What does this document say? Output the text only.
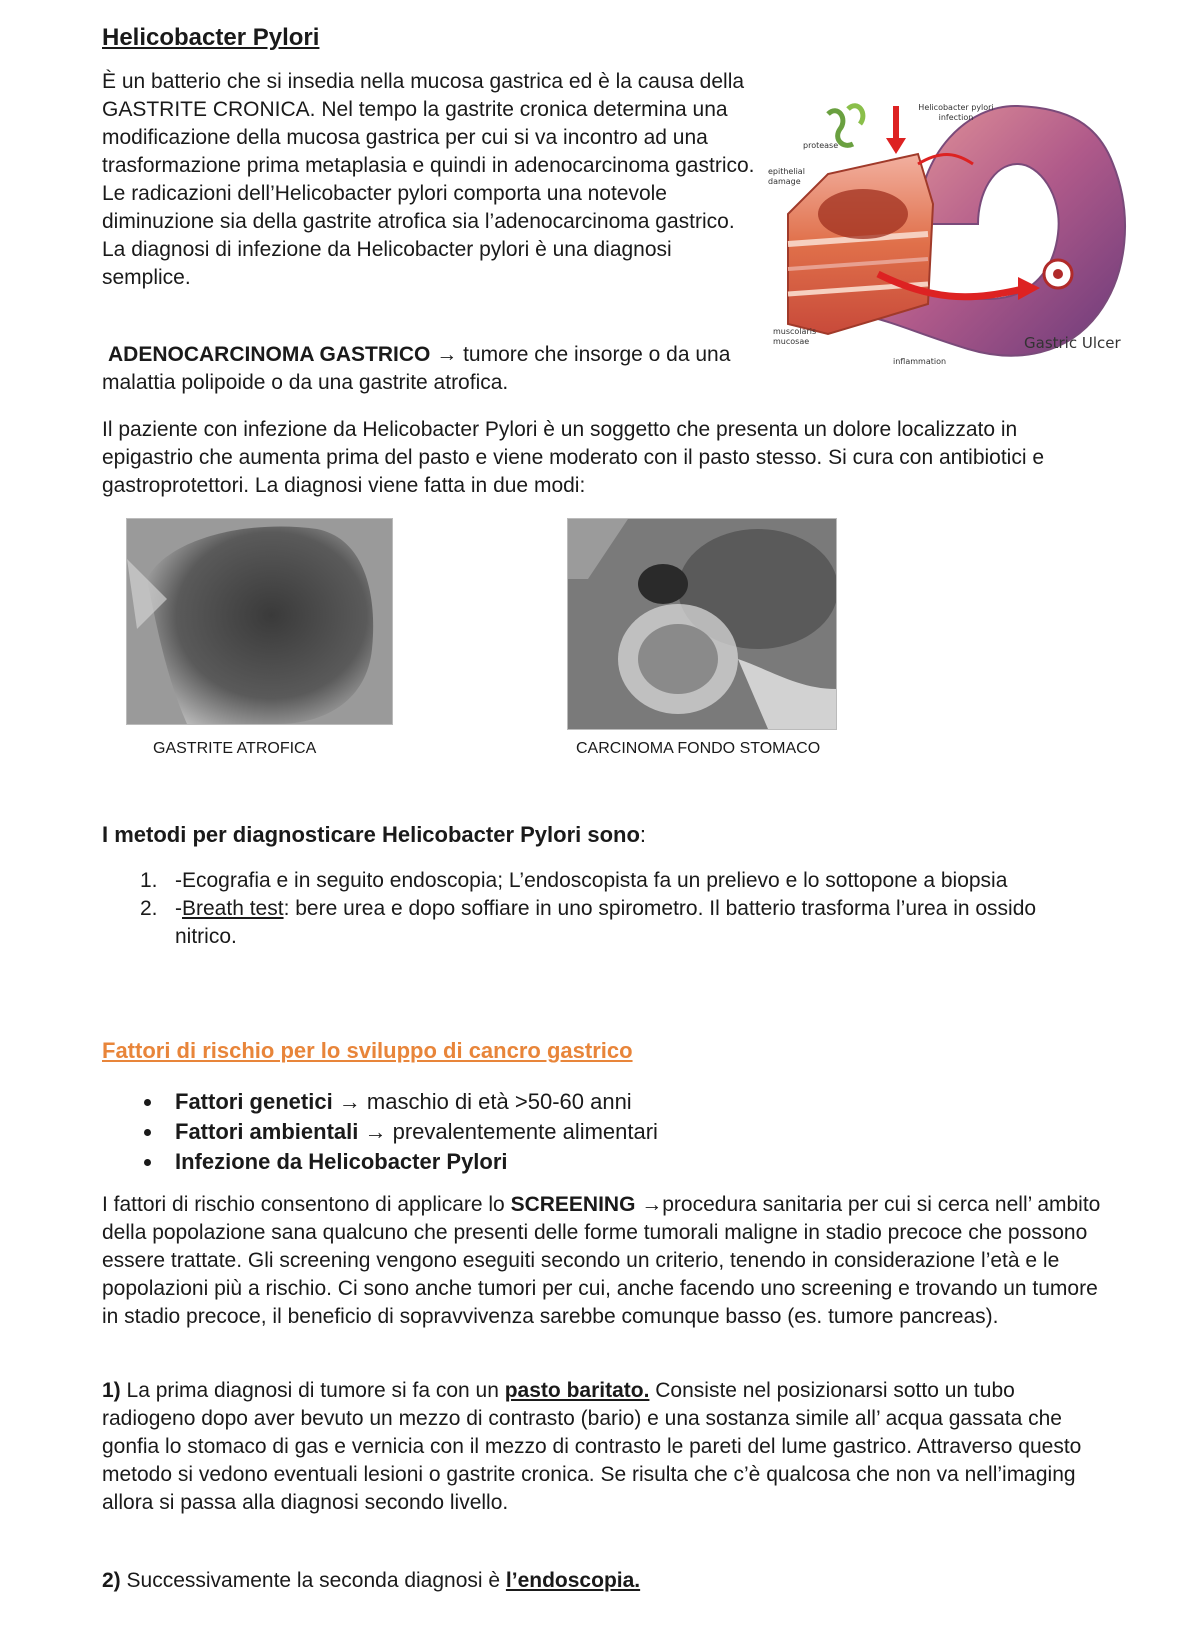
Helicobacter Pylori

È un batterio che si insedia nella mucosa gastrica ed è la causa della GASTRITE CRONICA. Nel tempo la gastrite cronica determina una modificazione della mucosa gastrica per cui si va incontro ad una trasformazione prima metaplasia e quindi in adenocarcinoma gastrico. Le radicazioni dell’Helicobacter pylori comporta una notevole diminuzione sia della gastrite atrofica sia l’adenocarcinoma gastrico. La diagnosi di infezione da Helicobacter pylori è una diagnosi semplice.

ADENOCARCINOMA GASTRICO → tumore che insorge o da una malattia polipoide o da una gastrite atrofica.

Helicobacter pylori
infection
protease
epithelial
damage
muscolaris
mucosae
inflammation
Gastric Ulcer

Il paziente con infezione da Helicobacter Pylori è un soggetto che presenta un dolore localizzato in epigastrio che aumenta prima del pasto e viene moderato con il pasto stesso. Si cura con antibiotici e gastroprotettori. La diagnosi viene fatta in due modi:

GASTRITE ATROFICA	CARCINOMA FONDO STOMACO
I metodi per diagnosticare Helicobacter Pylori sono:
1. -Ecografia e in seguito endoscopia; L’endoscopista fa un prelievo e lo sottopone a biopsia
2. -Breath test: bere urea e dopo soffiare in uno spirometro. Il batterio trasforma l’urea in ossido nitrico.
Fattori di rischio per lo sviluppo di cancro gastrico
Fattori genetici → maschio di età >50-60 anni
Fattori ambientali → prevalentemente alimentari
Infezione da Helicobacter Pylori

I fattori di rischio consentono di applicare lo SCREENING →procedura sanitaria per cui si cerca nell’ ambito della popolazione sana qualcuno che presenti delle forme tumorali maligne in stadio precoce che possono essere trattate. Gli screening vengono eseguiti secondo un criterio, tenendo in considerazione l’età e le popolazioni più a rischio. Ci sono anche tumori per cui, anche facendo uno screening e trovando un tumore in stadio precoce, il beneficio di sopravvivenza sarebbe comunque basso (es. tumore pancreas).

1) La prima diagnosi di tumore si fa con un pasto baritato. Consiste nel posizionarsi sotto un tubo radiogeno dopo aver bevuto un mezzo di contrasto (bario) e una sostanza simile all’ acqua gassata che gonfia lo stomaco di gas e vernicia con il mezzo di contrasto le pareti del lume gastrico. Attraverso questo metodo si vedono eventuali lesioni o gastrite cronica. Se risulta che c’è qualcosa che non va nell’imaging allora si passa alla diagnosi secondo livello.

2) Successivamente la seconda diagnosi è l’endoscopia.
